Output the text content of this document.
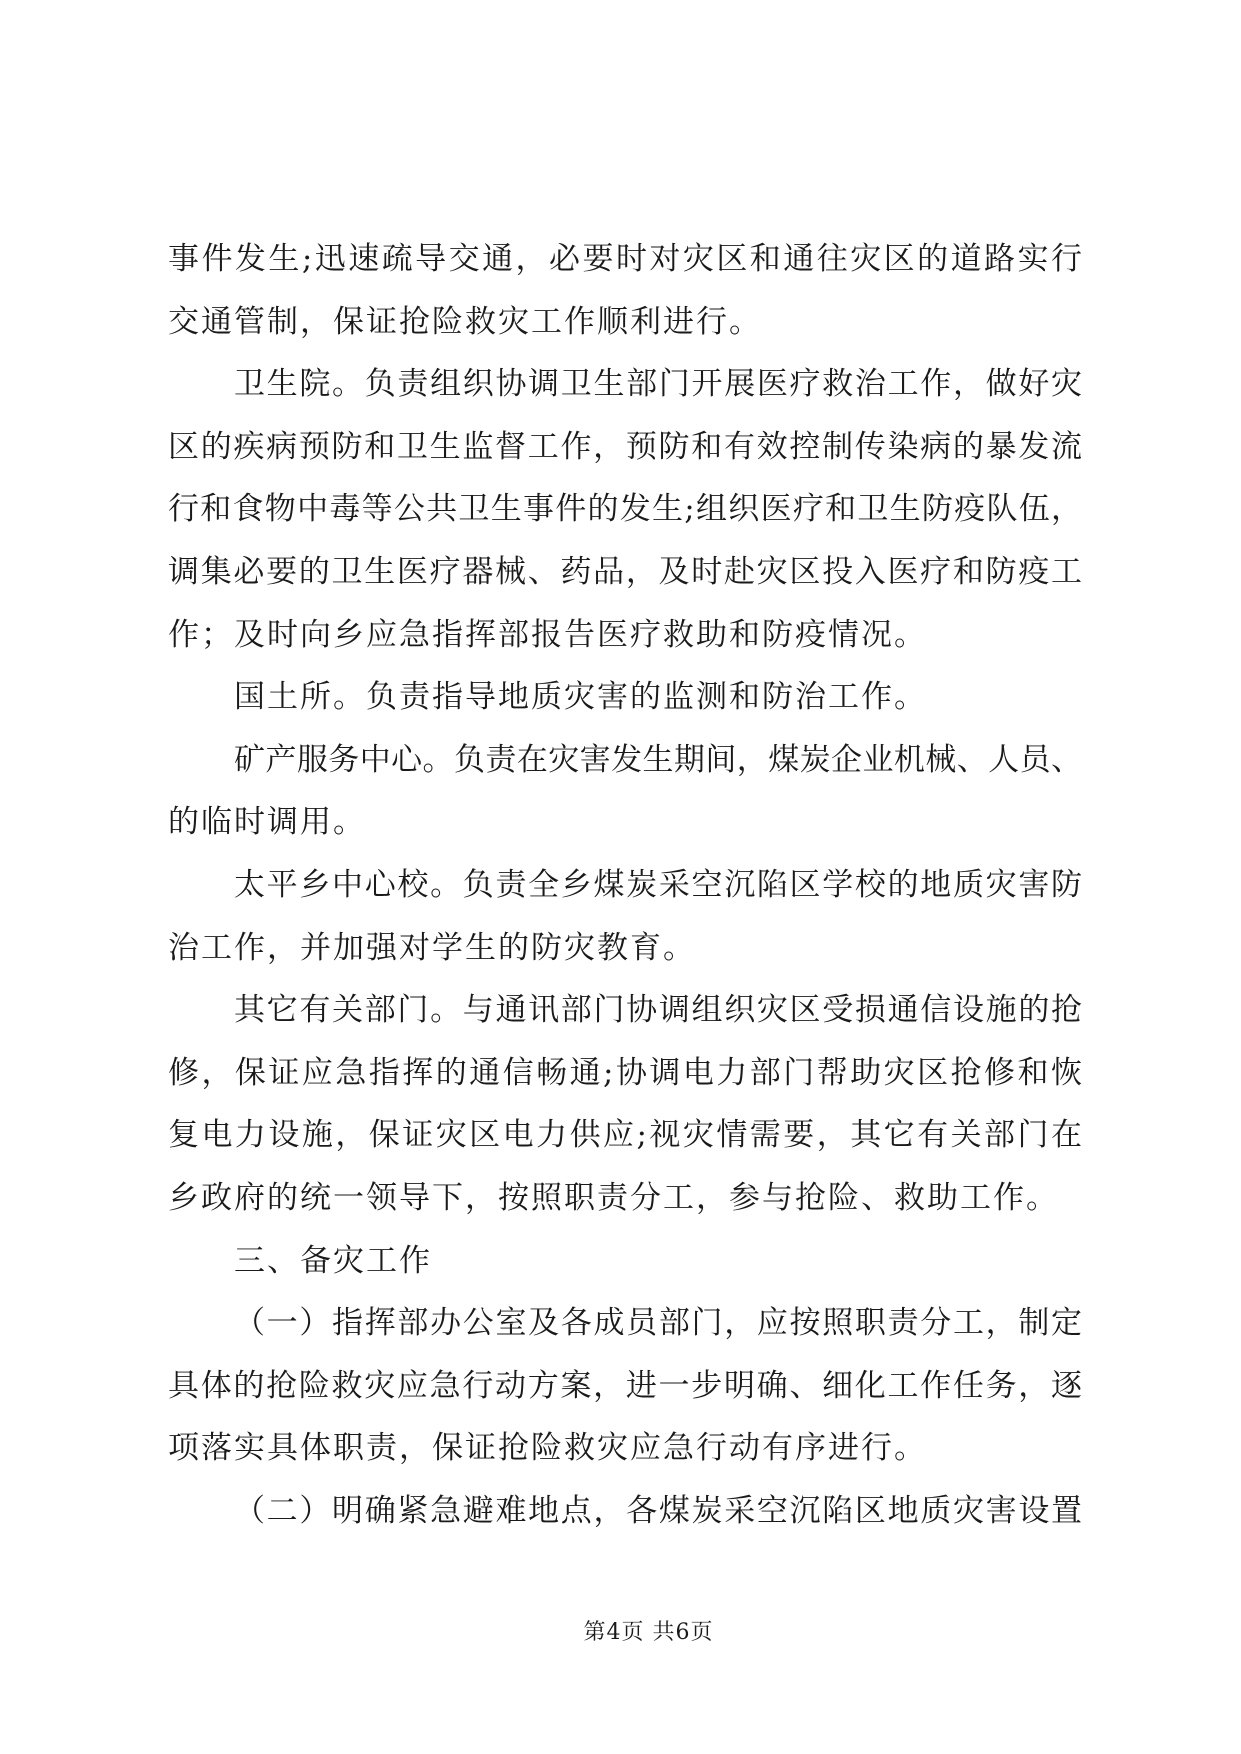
事件发生;迅速疏导交通，必要时对灾区和通往灾区的道路实行
交通管制，保证抢险救灾工作顺利进行。
卫生院。负责组织协调卫生部门开展医疗救治工作，做好灾
区的疾病预防和卫生监督工作，预防和有效控制传染病的暴发流
行和食物中毒等公共卫生事件的发生;组织医疗和卫生防疫队伍，
调集必要的卫生医疗器械、药品，及时赴灾区投入医疗和防疫工
作；及时向乡应急指挥部报告医疗救助和防疫情况。
国土所。负责指导地质灾害的监测和防治工作。
矿产服务中心。负责在灾害发生期间，煤炭企业机械、人员、
的临时调用。
太平乡中心校。负责全乡煤炭采空沉陷区学校的地质灾害防
治工作，并加强对学生的防灾教育。
其它有关部门。与通讯部门协调组织灾区受损通信设施的抢
修，保证应急指挥的通信畅通;协调电力部门帮助灾区抢修和恢
复电力设施，保证灾区电力供应;视灾情需要，其它有关部门在
乡政府的统一领导下，按照职责分工，参与抢险、救助工作。
三、备灾工作
（一）指挥部办公室及各成员部门，应按照职责分工，制定
具体的抢险救灾应急行动方案，进一步明确、细化工作任务，逐
项落实具体职责，保证抢险救灾应急行动有序进行。
（二）明确紧急避难地点，各煤炭采空沉陷区地质灾害设置
第4页 共6页
